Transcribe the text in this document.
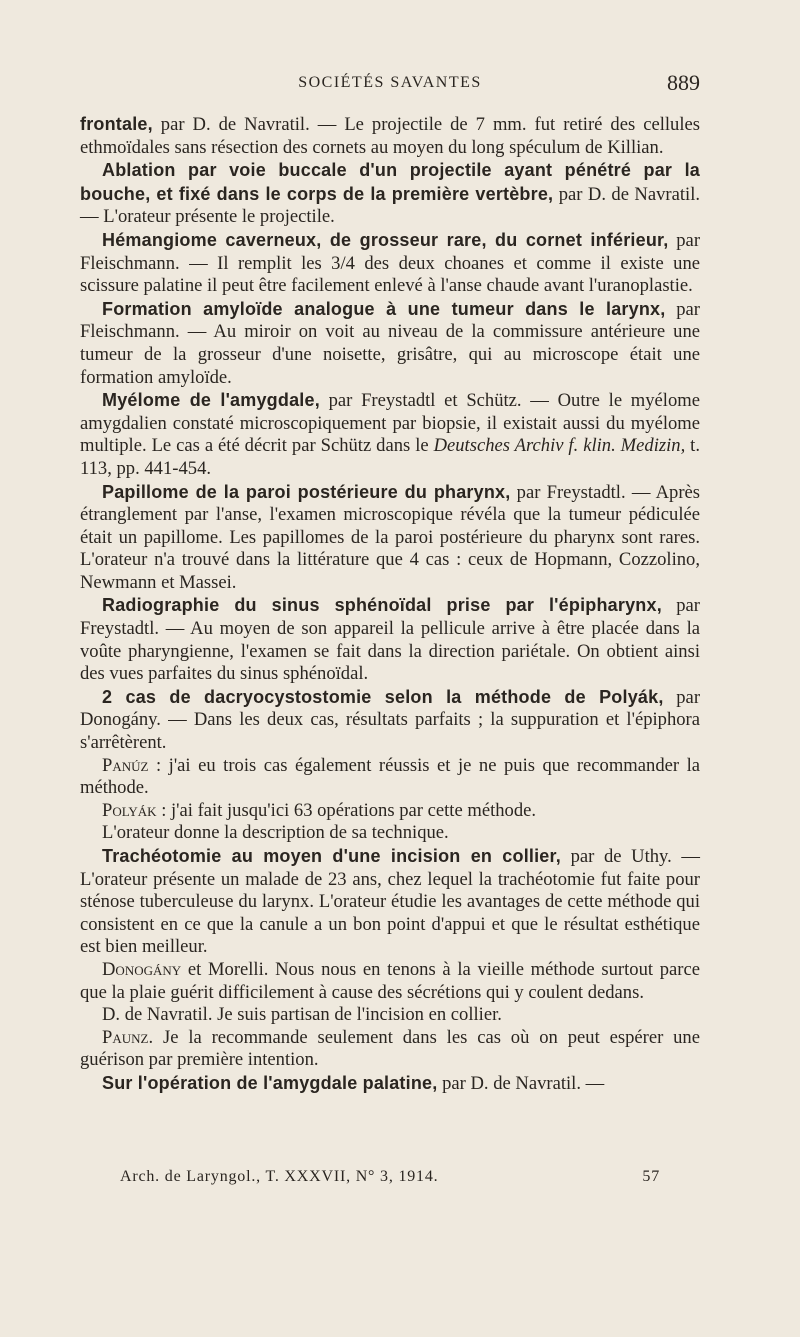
SOCIÉTÉS SAVANTES	889

frontale, par D. de Navratil. — Le projectile de 7 mm. fut retiré des cellules ethmoïdales sans résection des cornets au moyen du long spéculum de Killian.

Ablation par voie buccale d'un projectile ayant pénétré par la bouche, et fixé dans le corps de la première vertèbre, par D. de Navratil. — L'orateur présente le projectile.

Hémangiome caverneux, de grosseur rare, du cornet inférieur, par Fleischmann. — Il remplit les 3/4 des deux choanes et comme il existe une scissure palatine il peut être facilement enlevé à l'anse chaude avant l'uranoplastie.

Formation amyloïde analogue à une tumeur dans le larynx, par Fleischmann. — Au miroir on voit au niveau de la commissure antérieure une tumeur de la grosseur d'une noisette, grisâtre, qui au microscope était une formation amyloïde.

Myélome de l'amygdale, par Freystadtl et Schütz. — Outre le myélome amygdalien constaté microscopiquement par biopsie, il existait aussi du myélome multiple. Le cas a été décrit par Schütz dans le Deutsches Archiv f. klin. Medizin, t. 113, pp. 441-454.

Papillome de la paroi postérieure du pharynx, par Freystadtl. — Après étranglement par l'anse, l'examen microscopique révéla que la tumeur pédiculée était un papillome. Les papillomes de la paroi postérieure du pharynx sont rares. L'orateur n'a trouvé dans la littérature que 4 cas : ceux de Hopmann, Cozzolino, Newmann et Massei.

Radiographie du sinus sphénoïdal prise par l'épipharynx, par Freystadtl. — Au moyen de son appareil la pellicule arrive à être placée dans la voûte pharyngienne, l'examen se fait dans la direction pariétale. On obtient ainsi des vues parfaites du sinus sphénoïdal.

2 cas de dacryocystostomie selon la méthode de Polyák, par Donogány. — Dans les deux cas, résultats parfaits ; la suppuration et l'épiphora s'arrêtèrent.

Panúz : j'ai eu trois cas également réussis et je ne puis que recommander la méthode.

Polyák : j'ai fait jusqu'ici 63 opérations par cette méthode.

L'orateur donne la description de sa technique.

Trachéotomie au moyen d'une incision en collier, par de Uthy. — L'orateur présente un malade de 23 ans, chez lequel la trachéotomie fut faite pour sténose tuberculeuse du larynx. L'orateur étudie les avantages de cette méthode qui consistent en ce que la canule a un bon point d'appui et que le résultat esthétique est bien meilleur.

Donogány et Morelli. Nous nous en tenons à la vieille méthode surtout parce que la plaie guérit difficilement à cause des sécrétions qui y coulent dedans.

D. de Navratil. Je suis partisan de l'incision en collier.

Paunz. Je la recommande seulement dans les cas où on peut espérer une guérison par première intention.

Sur l'opération de l'amygdale palatine, par D. de Navratil. —

Arch. de Laryngol., T. XXXVII, N° 3, 1914.	57
